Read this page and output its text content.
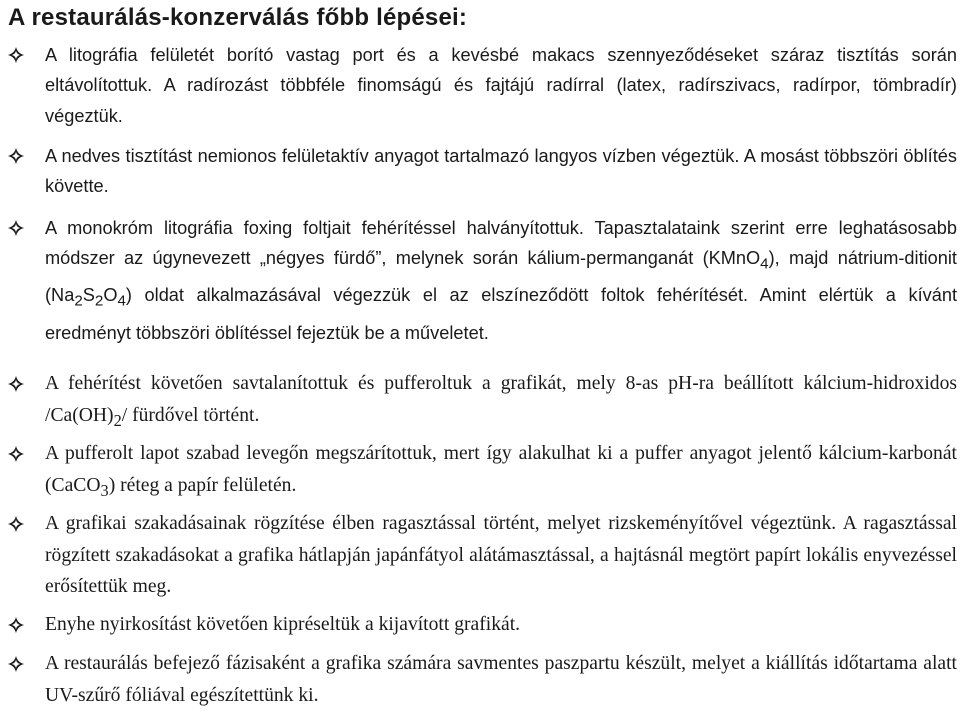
A restaurálás-konzerválás főbb lépései:
A litográfia felületét borító vastag port és a kevésbé makacs szennyeződéseket száraz tisztítás során eltávolítottuk. A radírozást többféle finomságú és fajtájú radírral (latex, radírszivacs, radírpor, tömbradír) végeztük.
A nedves tisztítást nemionos felületaktív anyagot tartalmazó langyos vízben végeztük. A mosást többszöri öblítés követte.
A monokróm litográfia foxing foltjait fehérítéssel halványítottuk. Tapasztalataink szerint erre leghatásosabb módszer az úgynevezett „négyes fürdő”, melynek során kálium-permanganát (KMnO$_4$), majd nátrium-ditionit $(Na_2S_2O_4)$ oldat alkalmazásával végezzük el az elszíneződött foltok fehérítését. Amint elértük a kívánt eredményt többszöri öblítéssel fejeztük be a műveletet.
A fehérítést követően savtalanítottuk és pufferoltuk a grafikát, mely 8-as pH-ra beállított kálcium-hidroxidos $/Ca(OH)_2/$ fürdővel történt.
A pufferolt lapot szabad levegőn megszárítottuk, mert így alakulhat ki a puffer anyagot jelentő kálcium-karbonát (CaCO$_3$) réteg a papír felületén.
A grafikai szakadásainak rögzítése élben ragasztással történt, melyet rizskeményítővel végeztünk. A ragasztással rögzített szakadásokat a grafika hátlapján japánfátyol alátámasztással, a hajtásnál megtört papírt lokális enyvezéssel erősítettük meg.
Enyhe nyirkosítást követően kipréseltük a kijavított grafikát.
A restaurálás befejező fázisaként a grafika számára savmentes paszpartu készült, melyet a kiállítás időtartama alatt UV-szűrő fóliával egészítettünk ki.
